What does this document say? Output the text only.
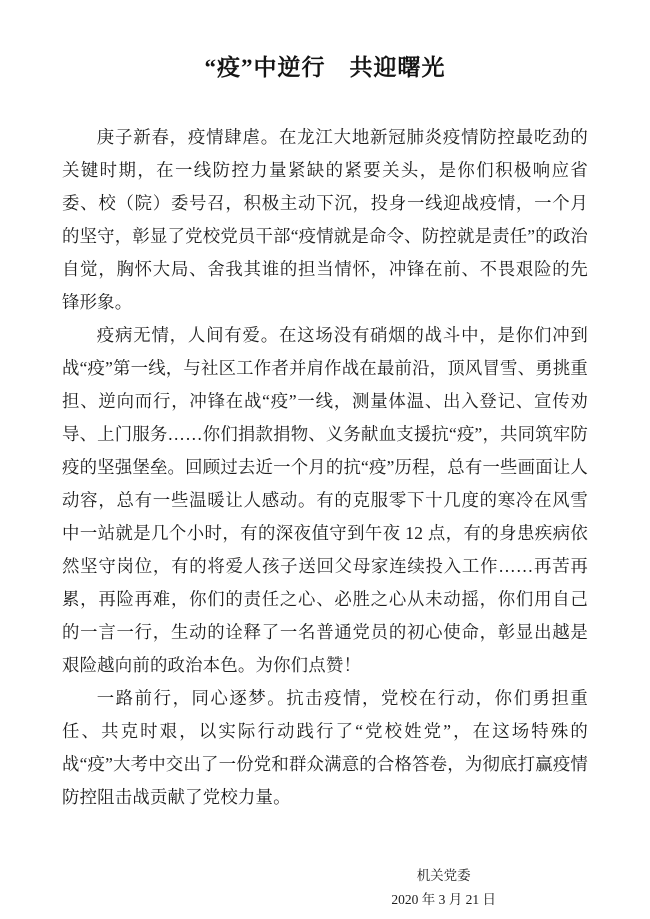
“疫”中逆行　共迎曙光

庚子新春，疫情肆虐。在龙江大地新冠肺炎疫情防控最吃劲的关键时期，在一线防控力量紧缺的紧要关头，是你们积极响应省委、校（院）委号召，积极主动下沉，投身一线迎战疫情，一个月的坚守，彰显了党校党员干部“疫情就是命令、防控就是责任”的政治自觉，胸怀大局、舍我其谁的担当情怀，冲锋在前、不畏艰险的先锋形象。

疫病无情，人间有爱。在这场没有硝烟的战斗中，是你们冲到战“疫”第一线，与社区工作者并肩作战在最前沿，顶风冒雪、勇挑重担、逆向而行，冲锋在战“疫”一线，测量体温、出入登记、宣传劝导、上门服务……你们捐款捐物、义务献血支援抗“疫”，共同筑牢防疫的坚强堡垒。回顾过去近一个月的抗“疫”历程，总有一些画面让人动容，总有一些温暖让人感动。有的克服零下十几度的寒冷在风雪中一站就是几个小时，有的深夜值守到午夜 12 点，有的身患疾病依然坚守岗位，有的将爱人孩子送回父母家连续投入工作……再苦再累，再险再难，你们的责任之心、必胜之心从未动摇，你们用自己的一言一行，生动的诠释了一名普通党员的初心使命，彰显出越是艰险越向前的政治本色。为你们点赞！

一路前行，同心逐梦。抗击疫情，党校在行动，你们勇担重任、共克时艰，以实际行动践行了“党校姓党”，在这场特殊的战“疫”大考中交出了一份党和群众满意的合格答卷，为彻底打赢疫情防控阻击战贡献了党校力量。

机关党委
2020 年 3 月 21 日
